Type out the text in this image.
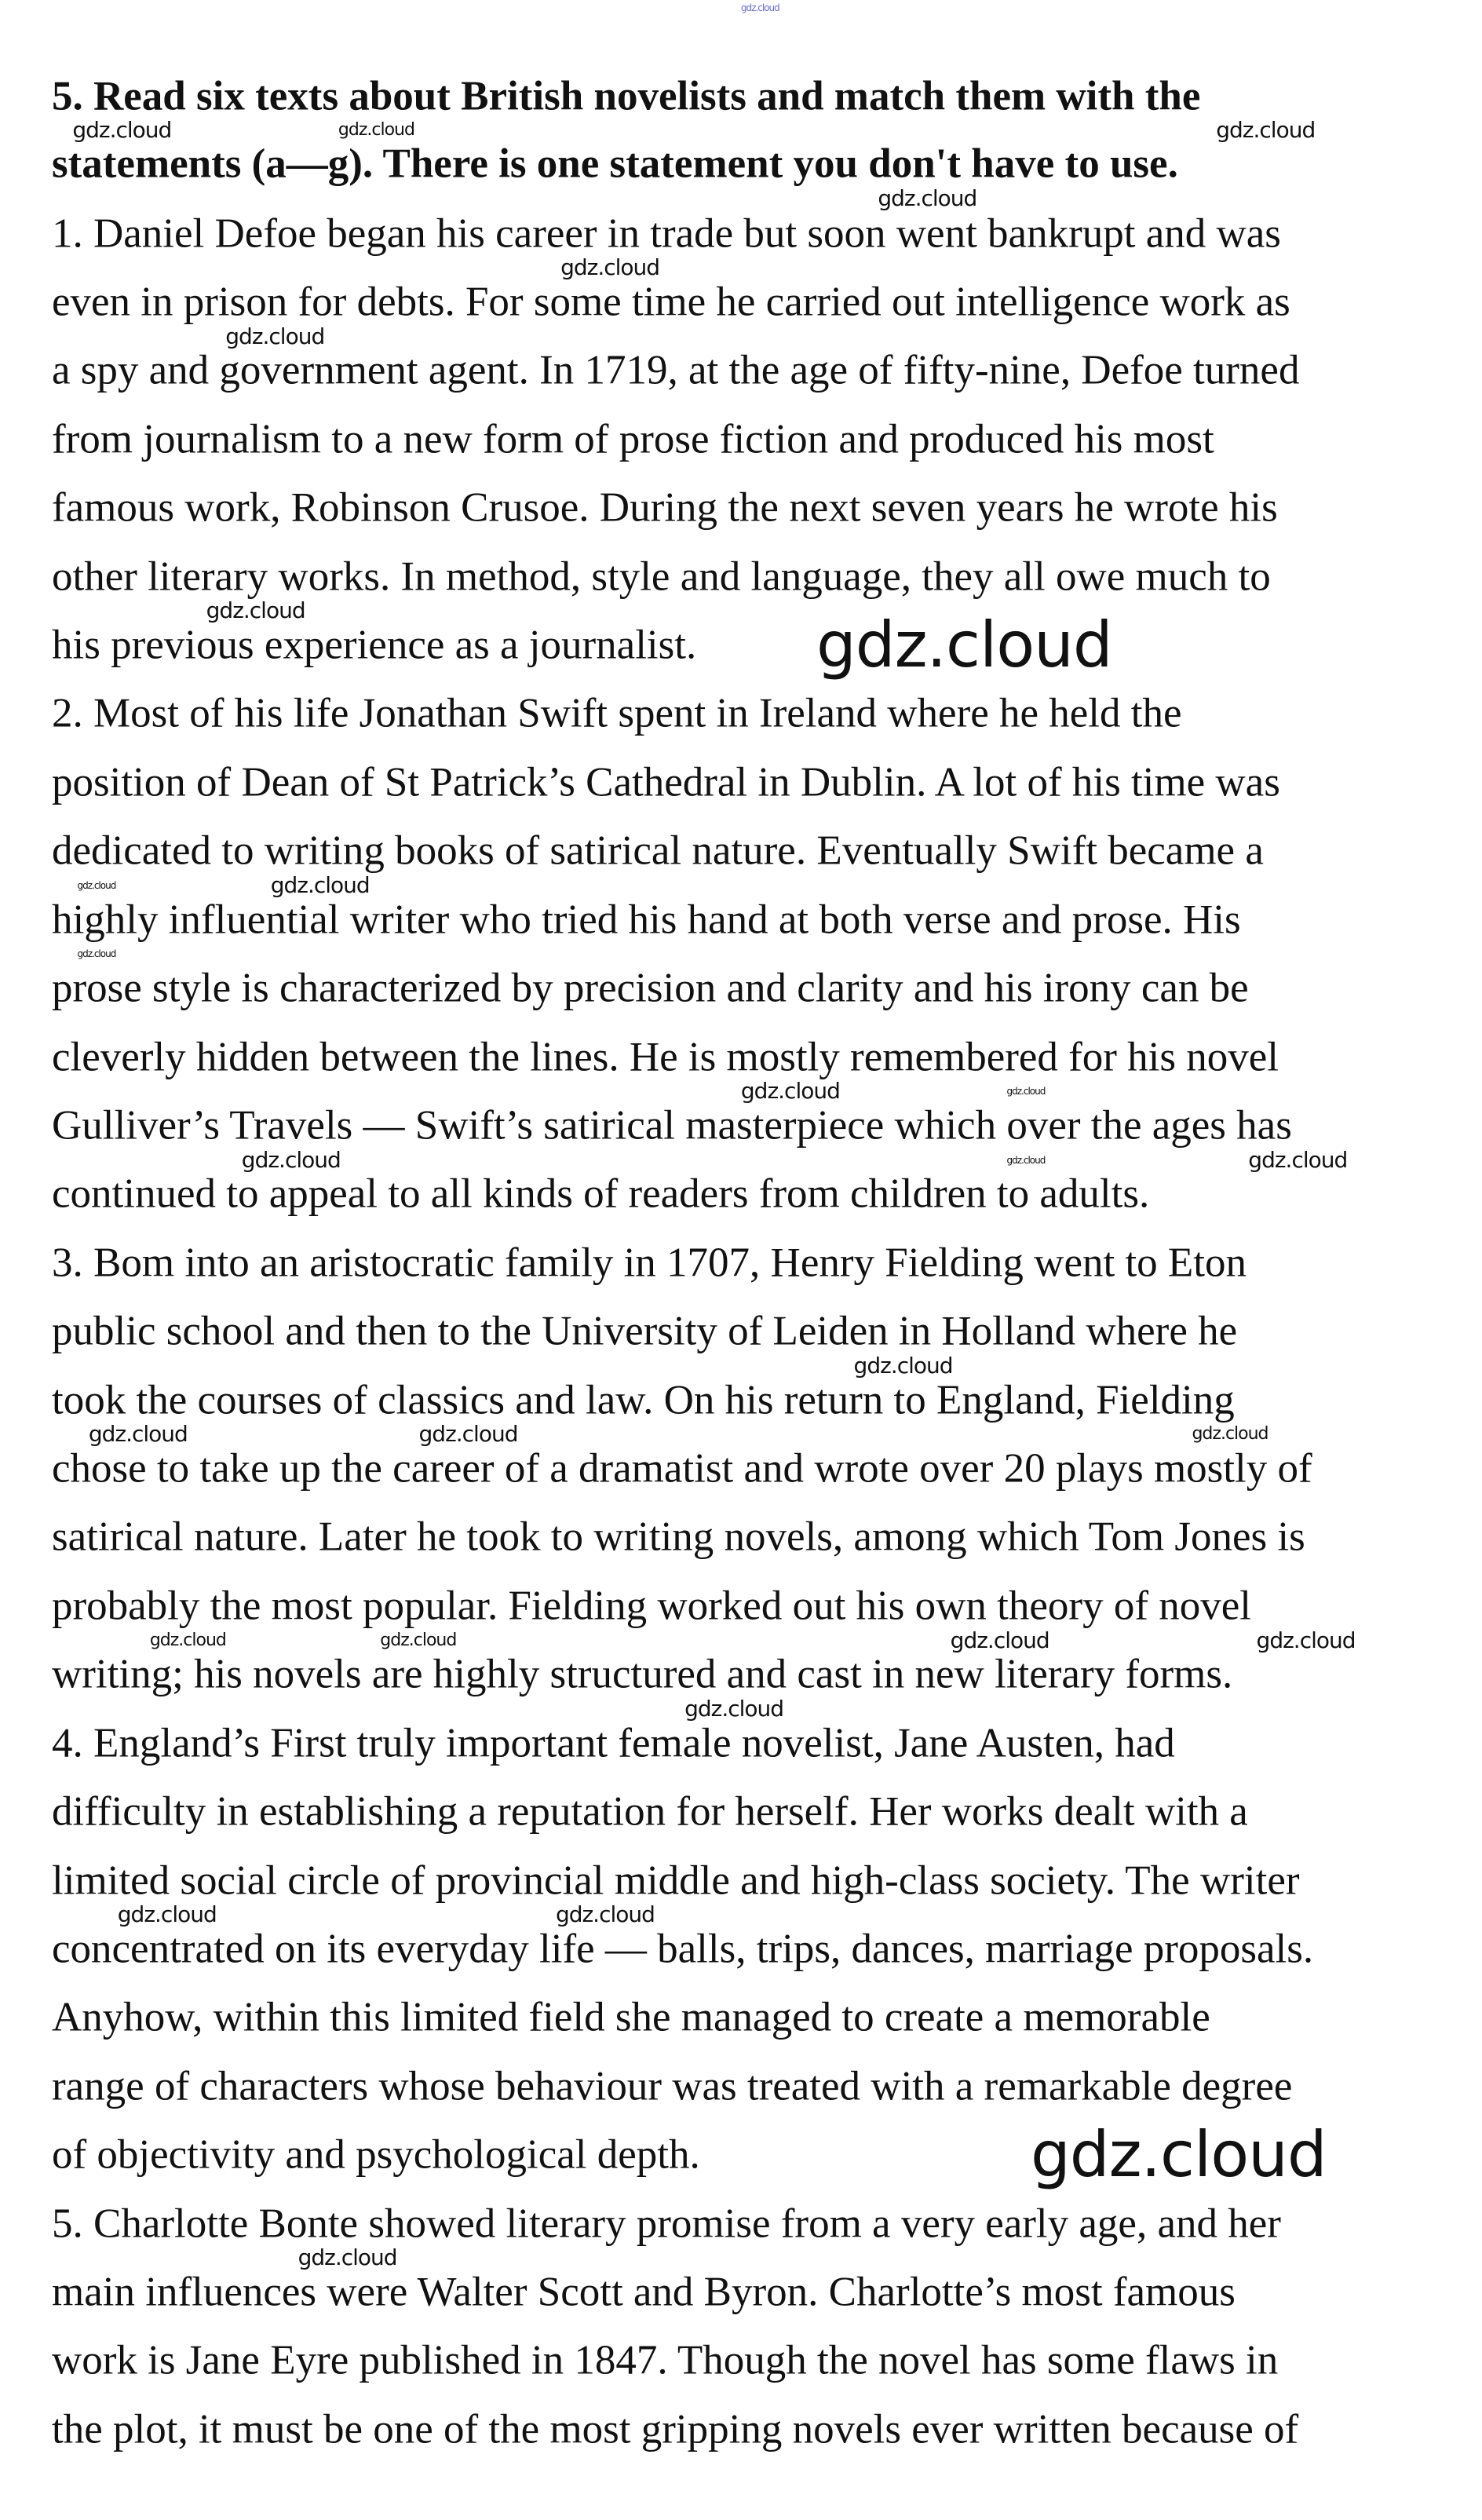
5. Read six texts about British novelists and match them with the
statements (a—g). There is one statement you don't have to use.
1. Daniel Defoe began his career in trade but soon went bankrupt and was
even in prison for debts. For some time he carried out intelligence work as
a spy and government agent. In 1719, at the age of fifty-nine, Defoe turned
from journalism to a new form of prose fiction and produced his most
famous work, Robinson Crusoe. During the next seven years he wrote his
other literary works. In method, style and language, they all owe much to
his previous experience as a journalist.
2. Most of his life Jonathan Swift spent in Ireland where he held the
position of Dean of St Patrick’s Cathedral in Dublin. A lot of his time was
dedicated to writing books of satirical nature. Eventually Swift became a
highly influential writer who tried his hand at both verse and prose. His
prose style is characterized by precision and clarity and his irony can be
cleverly hidden between the lines. He is mostly remembered for his novel
Gulliver’s Travels — Swift’s satirical masterpiece which over the ages has
continued to appeal to all kinds of readers from children to adults.
3. Bom into an aristocratic family in 1707, Henry Fielding went to Eton
public school and then to the University of Leiden in Holland where he
took the courses of classics and law. On his return to England, Fielding
chose to take up the career of a dramatist and wrote over 20 plays mostly of
satirical nature. Later he took to writing novels, among which Tom Jones is
probably the most popular. Fielding worked out his own theory of novel
writing; his novels are highly structured and cast in new literary forms.
4. England’s First truly important female novelist, Jane Austen, had
difficulty in establishing a reputation for herself. Her works dealt with a
limited social circle of provincial middle and high-class society. The writer
concentrated on its everyday life — balls, trips, dances, marriage proposals.
Anyhow, within this limited field she managed to create a memorable
range of characters whose behaviour was treated with a remarkable degree
of objectivity and psychological depth.
5. Charlotte Bonte showed literary promise from a very early age, and her
main influences were Walter Scott and Byron. Charlotte’s most famous
work is Jane Eyre published in 1847. Though the novel has some flaws in
the plot, it must be one of the most gripping novels ever written because of
gdz.cloud
gdz.cloud	gdz.cloud	gdz.cloud
gdz.cloud
gdz.cloud
gdz.cloud
gdz.cloud
gdz.cloud	gdz.cloud
gdz.cloud
gdz.cloud
gdz.cloud
gdz.cloud	gdz.cloud	gdz.cloud
gdz.cloud
gdz.cloud	gdz.cloud	gdz.cloud
gdz.cloud	gdz.cloud	gdz.cloud	gdz.cloud
gdz.cloud
gdz.cloud	gdz.cloud
gdz.cloud
gdz.cloud
gdz.cloud
